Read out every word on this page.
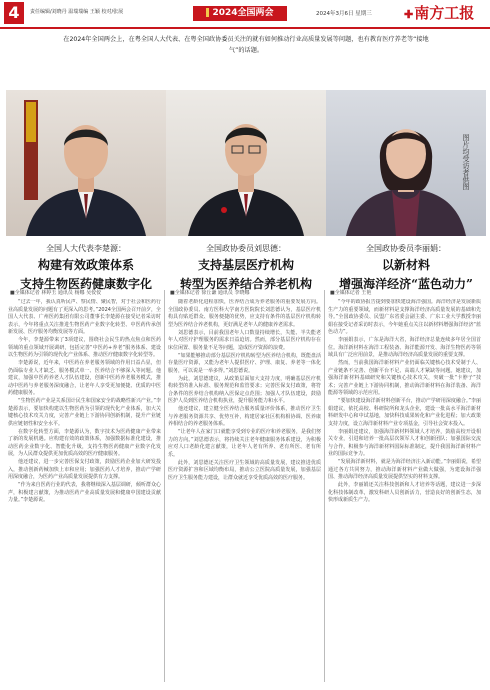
4	责任编辑/刘晓丹 温瑞瑞编 王颖 校对/张展	2024全国两会	2024年3月6日 星期三	✚南方工报
在2024年全国两会上，在粤全国人大代表、在粤全国政协委员关注的就有如何推动行业高质量发展等问题，也有教育医疗养老等“接地气”的话题。
图片均受访者供图
全国人大代表李楚源：
构建有效政策体系
支持生物医药健康数字化
全国政协委员刘思德：
支持基层医疗机构
转型为医养结合养老机构
全国政协委员李丽娟：
以新材料
增强海洋经济“蓝色动力”
■全媒体记者 林婷玉 通讯员 杨娜 吴佼佼	■全媒体记者 徐丘谦 通讯员 李晓娜	■全媒体记者 王艳

“过去一年，我认真听民声、察民情、聚民智，对于社会和医药行业高质量发展的问题有了更深入的思考。”2024全国两会召开前夕，全国人大代表、广州医药集团有限公司董事长李楚源在接受记者采访时表示，今年将重点关注推进生物医药产业数字化转型、中医药传承创新发展、医疗服务均衡发展等方面。

今年，李楚源带来了3项建议，围绕社会民生的热点焦点和医药领域的重点领域开展调研，包括完善“中医药+养老”服务体系、建设以生物医药为引领的现代化产业体系、推动医疗健康数字化转型等。

李楚源说，近年来，中医药在养老服务领域的作用日益凸显，但仍面临专业人才缺乏、服务模式单一、医养结合不够深入等问题。他建议，加强中医药养老人才队伍建设，创新中医药养老服务模式，推动中医药与养老服务深度融合，让老年人享受更加便捷、优质的中医药健康服务。

“生物医药产业是关系国计民生和国家安全的战略性新兴产业。”李楚源表示，要加快构建以生物医药为引领的现代化产业体系，加大关键核心技术攻关力度，完善产业链上下游协同创新机制，提升产业链供应链韧性和安全水平。

在数字化转型方面，李楚源认为，数字技术为医药健康产业带来了新的发展机遇。应构建有效的政策体系，加强数据标准化建设，推动医药企业数字化、智能化升级，支持生物医药健康产业数字化发展，为人民群众提供更加优质高效的医疗健康服务。

他还建议，进一步完善医保支付政策，鼓励医药企业加大研发投入，推动创新药械加快上市和应用；加强医药人才培养，推动产学研用深度融合，为医药产业高质量发展提供有力支撑。

“作为来自医药行业的代表，我将继续深入基层调研，倾听群众心声，积极建言献策，为推动医药产业高质量发展和健康中国建设贡献力量。”李楚源说。

随着老龄化进程加快，医养结合成为养老服务的重要发展方向。全国政协委员、南方医科大学南方医院院长刘思德认为，基层医疗机构具有贴近群众、服务便捷的优势，应支持有条件的基层医疗机构转型为医养结合养老机构，更好满足老年人的健康养老需求。

刘思德表示，目前我国老年人口数量持续增长，失能、半失能老年人对医疗护理服务的需求日益迫切。然而，部分基层医疗机构存在床位闲置、服务量不足等问题，造成医疗资源的浪费。

“如果能够推动部分基层医疗机构转型为医养结合机构，既能盘活存量医疗资源，又能为老年人提供医疗、护理、康复、养老等一体化服务，可以说是一举多得。”刘思德说。

为此，刘思德建议，从政策层面加大支持力度，明确基层医疗机构转型的准入标准、服务规范和监管要求；完善医保支付政策，将符合条件的医养结合机构纳入医保定点范围；加强人才队伍建设，鼓励医护人员到医养结合机构执业，提升服务能力和水平。

他还建议，建立健全医养结合服务质量评价体系，推动医疗卫生与养老服务资源共享、优势互补，构建居家社区机构相协调、医养康养相结合的养老服务体系。

“让老年人在家门口就能享受到专业的医疗和养老服务，是我们努力的方向。”刘思德表示，将持续关注老年健康服务体系建设，为积极应对人口老龄化建言献策，让老年人老有所养、老有所医、老有所乐。

此外，刘思德还关注医疗卫生领域的高质量发展，建议推进优质医疗资源扩容和区域均衡布局，推动公立医院高质量发展，加强基层医疗卫生服务能力建设，让群众就近享受优质高效的医疗服务。

“今年的政协报告提到要加快建设海洋强国。海洋经济是发展新质生产力的重要领域，而新材料是支撑海洋经济高质量发展的基础和先导。”全国政协委员、民盟广东省委会副主委、广东工业大学教授李丽娟在接受记者采访时表示，今年她重点关注以新材料增强海洋经济“蓝色动力”。

李丽娟表示，广东是海洋大省，海洋经济总量连续多年居全国首位。海洋新材料在海洋工程装备、海洋能源开发、海洋生物医药等领域具有广泛应用前景，是推动海洋经济高质量发展的重要支撑。

然而，当前我国海洋新材料产业仍面临关键核心技术受制于人、产业链条不完善、创新平台不足、高端人才紧缺等问题。她建议，加强海洋新材料基础研究和关键核心技术攻关，突破一批“卡脖子”技术；完善产业链上下游协同机制，推动海洋新材料在海洋装备、海洋能源等领域的示范应用。

“要加快建设海洋新材料创新平台，推动产学研用深度融合。”李丽娟建议，依托高校、科研院所和龙头企业，建设一批高水平海洋新材料研发中心和中试基地，加快科技成果转化和产业化进程；加大政策支持力度，设立海洋新材料产业专项基金，引导社会资本投入。

李丽娟还建议，加强海洋新材料领域人才培养，鼓励高校开设相关专业，引进和培养一批高层次领军人才和创新团队；加强国际交流与合作，积极参与海洋新材料国际标准制定，提升我国海洋新材料产业的国际竞争力。

“发展海洋新材料，就是为海洋经济注入新动能。”李丽娟说，希望通过各方共同努力，推动海洋新材料产业做大做强，为建设海洋强国、推动海洋经济高质量发展提供坚实的材料支撑。

此外，李丽娟还关注科技创新和人才培养等话题，建议进一步深化科技体制改革，激发科研人员创新活力，营造良好的创新生态，加快形成新质生产力。
